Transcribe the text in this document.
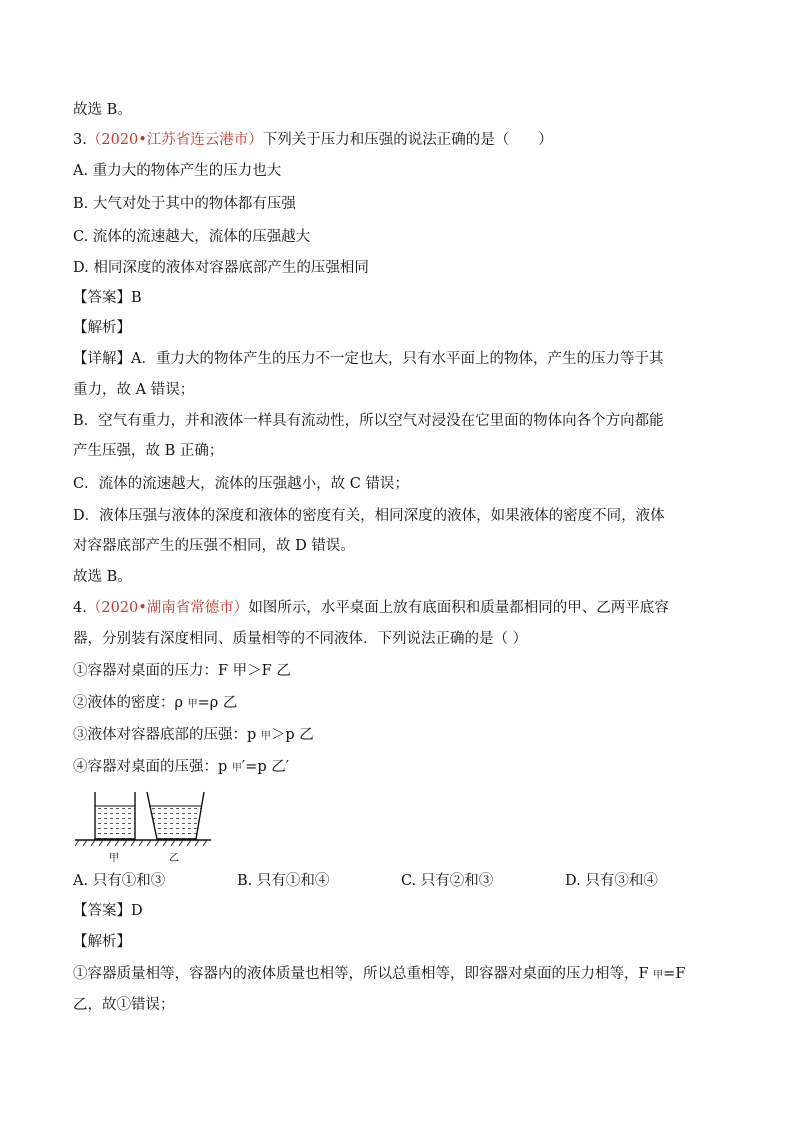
故选 B。
3.（2020•江苏省连云港市）下列关于压力和压强的说法正确的是（　　）
A. 重力大的物体产生的压力也大
B. 大气对处于其中的物体都有压强
C. 流体的流速越大，流体的压强越大
D. 相同深度的液体对容器底部产生的压强相同
【答案】B
【解析】
【详解】A．重力大的物体产生的压力不一定也大，只有水平面上的物体，产生的压力等于其
重力，故 A 错误；
B．空气有重力，并和液体一样具有流动性，所以空气对浸没在它里面的物体向各个方向都能
产生压强，故 B 正确；
C．流体的流速越大，流体的压强越小，故 C 错误；
D．液体压强与液体的深度和液体的密度有关，相同深度的液体，如果液体的密度不同，液体
对容器底部产生的压强不相同，故 D 错误。
故选 B。
4.（2020•湖南省常德市）如图所示，水平桌面上放有底面积和质量都相同的甲、乙两平底容
器，分别装有深度相同、质量相等的不同液体．下列说法正确的是（ ）
①容器对桌面的压力：F 甲＞F 乙
②液体的密度：ρ 甲=ρ 乙
③液体对容器底部的压强：p 甲＞p 乙
④容器对桌面的压强：p 甲′=p 乙′
甲	乙
A. 只有①和③	B. 只有①和④	C. 只有②和③	D. 只有③和④
【答案】D
【解析】
①容器质量相等，容器内的液体质量也相等，所以总重相等，即容器对桌面的压力相等，F 甲=F
乙，故①错误；
